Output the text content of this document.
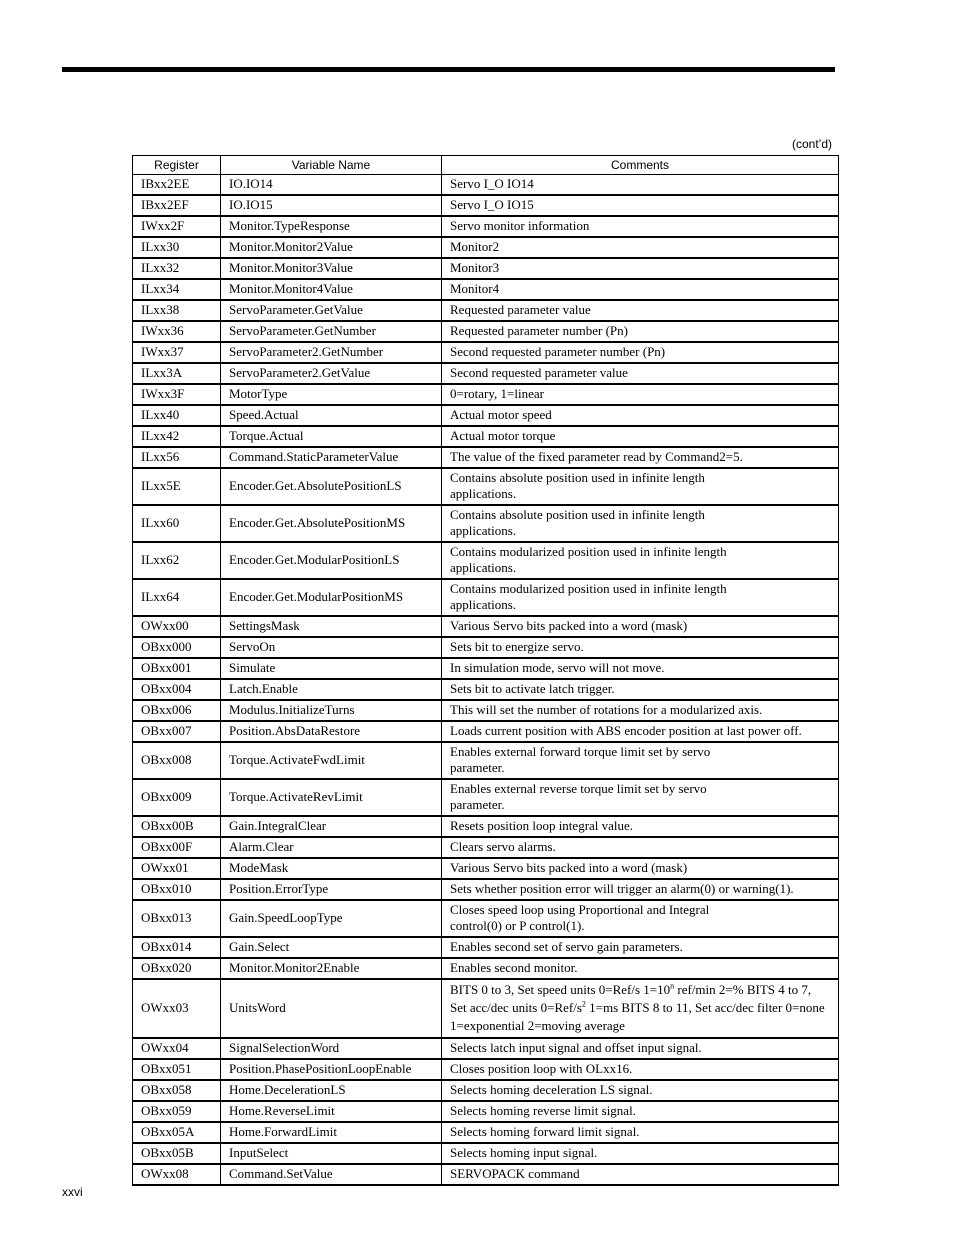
(cont’d)
Register	Variable Name	Comments
IBxx2EE	IO.IO14	Servo I_O IO14
IBxx2EF	IO.IO15	Servo I_O IO15
IWxx2F	Monitor.TypeResponse	Servo monitor information
ILxx30	Monitor.Monitor2Value	Monitor2
ILxx32	Monitor.Monitor3Value	Monitor3
ILxx34	Monitor.Monitor4Value	Monitor4
ILxx38	ServoParameter.GetValue	Requested parameter value
IWxx36	ServoParameter.GetNumber	Requested parameter number (Pn)
IWxx37	ServoParameter2.GetNumber	Second requested parameter number (Pn)
ILxx3A	ServoParameter2.GetValue	Second requested parameter value
IWxx3F	MotorType	0=rotary, 1=linear
ILxx40	Speed.Actual	Actual motor speed
ILxx42	Torque.Actual	Actual motor torque
ILxx56	Command.StaticParameterValue	The value of the fixed parameter read by Command2=5.
ILxx5E	Encoder.Get.AbsolutePositionLS	Contains absolute position used in infinite length
applications.
ILxx60	Encoder.Get.AbsolutePositionMS	Contains absolute position used in infinite length
applications.
ILxx62	Encoder.Get.ModularPositionLS	Contains modularized position used in infinite length
applications.
ILxx64	Encoder.Get.ModularPositionMS	Contains modularized position used in infinite length
applications.
OWxx00	SettingsMask	Various Servo bits packed into a word (mask)
OBxx000	ServoOn	Sets bit to energize servo.
OBxx001	Simulate	In simulation mode, servo will not move.
OBxx004	Latch.Enable	Sets bit to activate latch trigger.
OBxx006	Modulus.InitializeTurns	This will set the number of rotations for a modularized axis.
OBxx007	Position.AbsDataRestore	Loads current position with ABS encoder position at last power off.
OBxx008	Torque.ActivateFwdLimit	Enables external forward torque limit set by servo
parameter.
OBxx009	Torque.ActivateRevLimit	Enables external reverse torque limit set by servo
parameter.
OBxx00B	Gain.IntegralClear	Resets position loop integral value.
OBxx00F	Alarm.Clear	Clears servo alarms.
OWxx01	ModeMask	Various Servo bits packed into a word (mask)
OBxx010	Position.ErrorType	Sets whether position error will trigger an alarm(0) or warning(1).
OBxx013	Gain.SpeedLoopType	Closes speed loop using Proportional and Integral
control(0) or P control(1).
OBxx014	Gain.Select	Enables second set of servo gain parameters.
OBxx020	Monitor.Monitor2Enable	Enables second monitor.
OWxx03	UnitsWord	BITS 0 to 3, Set speed units 0=Ref/s $1=10^n$ ref/min 2=% BITS 4 to 7,
Set acc/dec units $0=Ref/s^2$ 1=ms BITS 8 to 11, Set acc/dec filter 0=none
1=exponential 2=moving average
OWxx04	SignalSelectionWord	Selects latch input signal and offset input signal.
OBxx051	Position.PhasePositionLoopEnable	Closes position loop with OLxx16.
OBxx058	Home.DecelerationLS	Selects homing deceleration LS signal.
OBxx059	Home.ReverseLimit	Selects homing reverse limit signal.
OBxx05A	Home.ForwardLimit	Selects homing forward limit signal.
OBxx05B	InputSelect	Selects homing input signal.
OWxx08	Command.SetValue	SERVOPACK command
xxvi
